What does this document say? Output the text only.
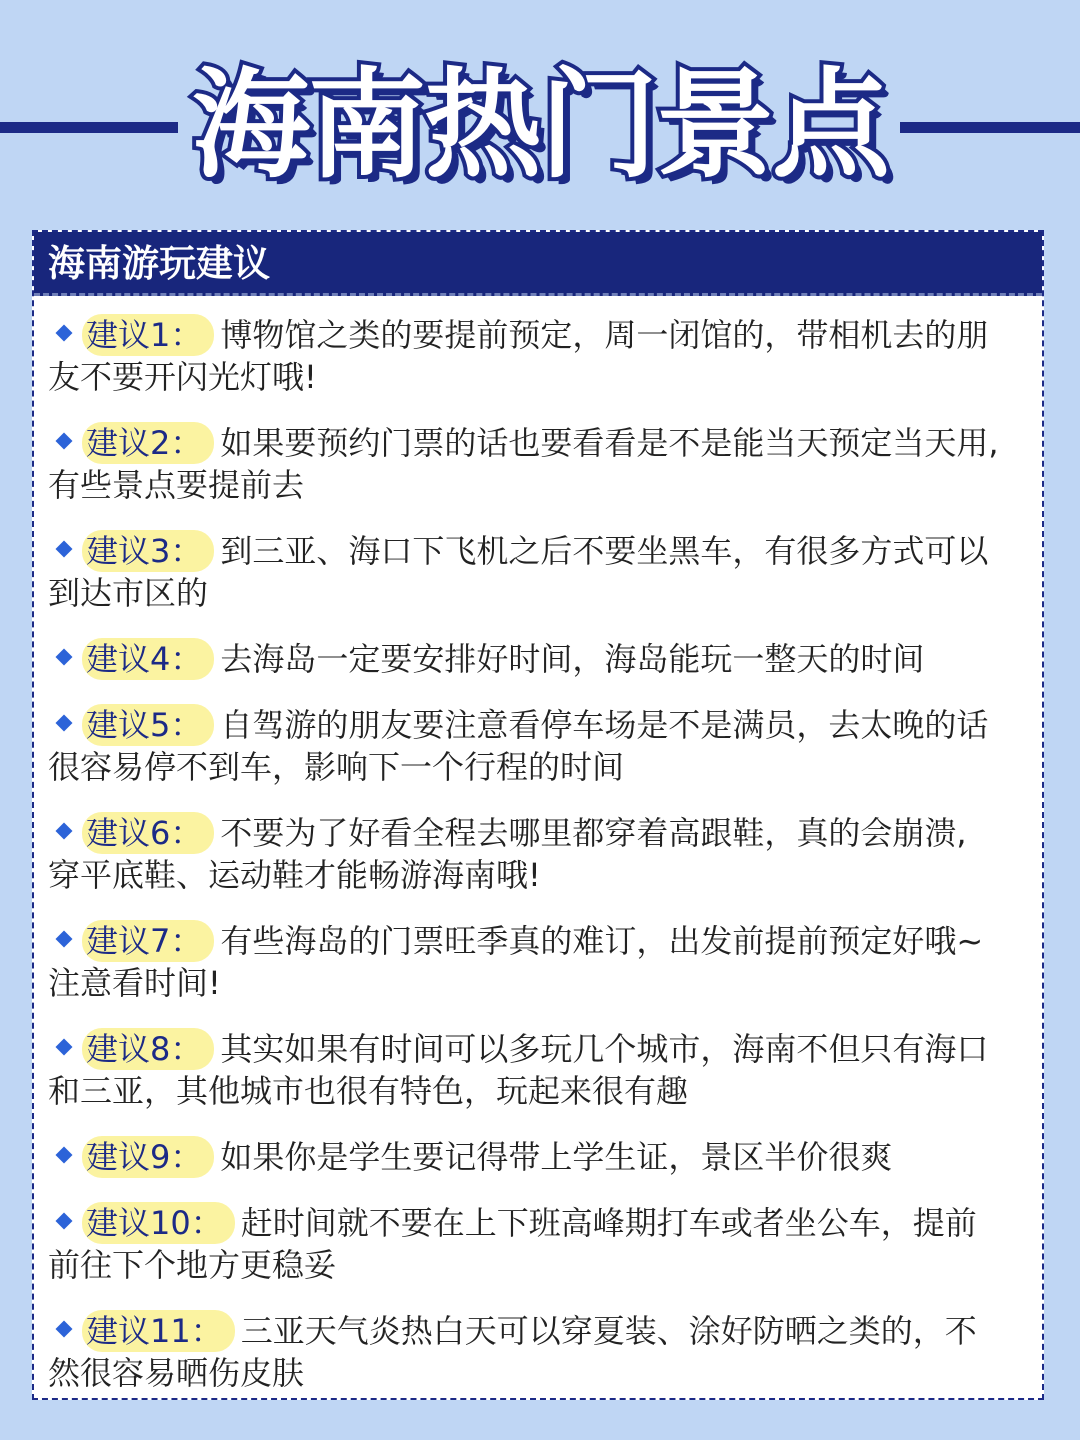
海南热门景点
海南游玩建议
建议1： 博物馆之类的要提前预定，周一闭馆的，带相机去的朋
友不要开闪光灯哦!
建议2： 如果要预约门票的话也要看看是不是能当天预定当天用,
有些景点要提前去
建议3： 到三亚、海口下飞机之后不要坐黑车，有很多方式可以
到达市区的
建议4： 去海岛一定要安排好时间，海岛能玩一整天的时间
建议5： 自驾游的朋友要注意看停车场是不是满员，去太晚的话
很容易停不到车，影响下一个行程的时间
建议6： 不要为了好看全程去哪里都穿着高跟鞋，真的会崩溃,
穿平底鞋、运动鞋才能畅游海南哦!
建议7： 有些海岛的门票旺季真的难订，出发前提前预定好哦~
注意看时间!
建议8： 其实如果有时间可以多玩几个城市，海南不但只有海口
和三亚，其他城市也很有特色，玩起来很有趣
建议9： 如果你是学生要记得带上学生证，景区半价很爽
建议10： 赶时间就不要在上下班高峰期打车或者坐公车，提前
前往下个地方更稳妥
建议11： 三亚天气炎热白天可以穿夏装、涂好防晒之类的，不
然很容易晒伤皮肤
